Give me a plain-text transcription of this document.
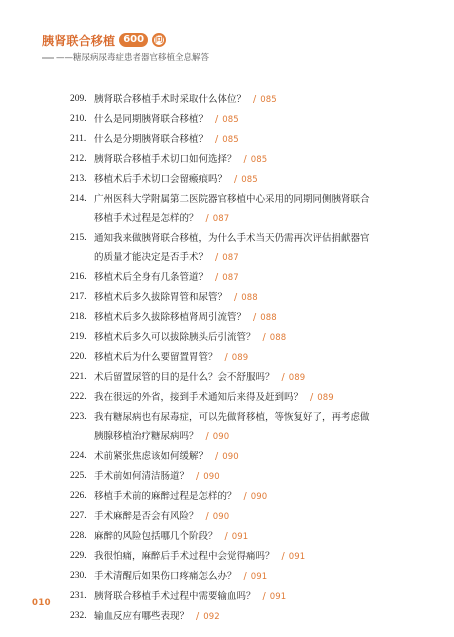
胰肾联合移植 600	问
——糖尿病尿毒症患者器官移植全息解答
209. 胰肾联合移植手术时采取什么体位？ / 085
210. 什么是同期胰肾联合移植？ / 085
211. 什么是分期胰肾联合移植？ / 085
212. 胰肾联合移植手术切口如何选择？ / 085
213. 移植术后手术切口会留瘢痕吗？ / 085
214. 广州医科大学附属第二医院器官移植中心采用的同期同侧胰肾联合
移植手术过程是怎样的？ / 087
215. 通知我来做胰肾联合移植，为什么手术当天仍需再次评估捐献器官
的质量才能决定是否手术？ / 087
216. 移植术后全身有几条管道？ / 087
217. 移植术后多久拔除胃管和尿管？ / 088
218. 移植术后多久拔除移植肾周引流管？ / 088
219. 移植术后多久可以拔除胰头后引流管？ / 088
220. 移植术后为什么要留置胃管？ / 089
221. 术后留置尿管的目的是什么？会不舒服吗？ / 089
222. 我在很远的外省，接到手术通知后来得及赶到吗？ / 089
223. 我有糖尿病也有尿毒症，可以先做肾移植，等恢复好了，再考虑做
胰腺移植治疗糖尿病吗？ / 090
224. 术前紧张焦虑该如何缓解？ / 090
225. 手术前如何清洁肠道？ / 090
226. 移植手术前的麻醉过程是怎样的？ / 090
227. 手术麻醉是否会有风险？ / 090
228. 麻醉的风险包括哪几个阶段？ / 091
229. 我很怕痛，麻醉后手术过程中会觉得痛吗？ / 091
230. 手术清醒后如果伤口疼痛怎么办？ / 091
231. 胰肾联合移植手术过程中需要输血吗？ / 091
232. 输血反应有哪些表现？ / 092
010
